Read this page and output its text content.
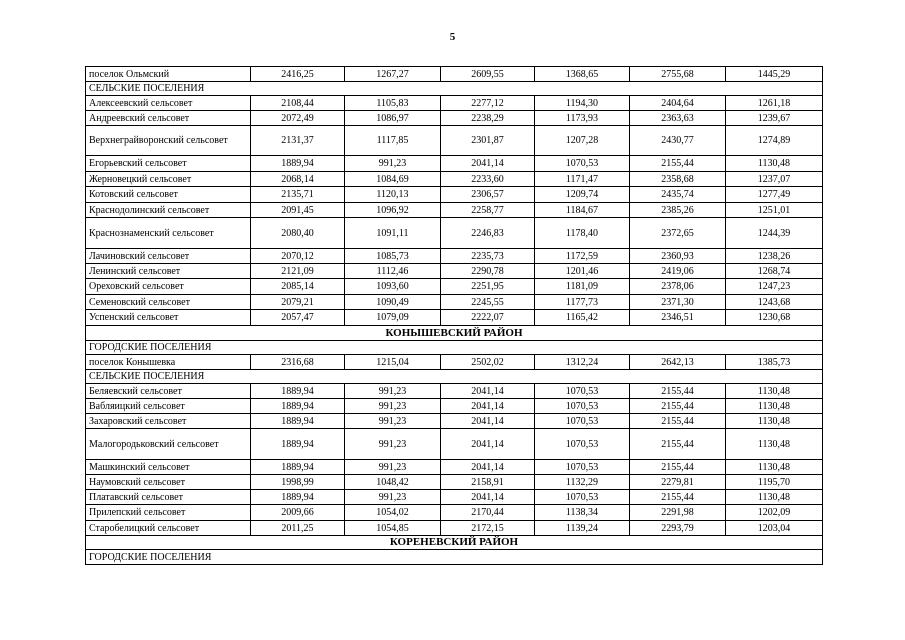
5
поселок Ольмский	2416,25	1267,27	2609,55	1368,65	2755,68	1445,29
СЕЛЬСКИЕ ПОСЕЛЕНИЯ						
Алексеевский сельсовет	2108,44	1105,83	2277,12	1194,30	2404,64	1261,18
Андреевский сельсовет	2072,49	1086,97	2238,29	1173,93	2363,63	1239,67
Верхнеграйворонский сельсовет	2131,37	1117,85	2301,87	1207,28	2430,77	1274,89
Егорьевский сельсовет	1889,94	991,23	2041,14	1070,53	2155,44	1130,48
Жерновецкий сельсовет	2068,14	1084,69	2233,60	1171,47	2358,68	1237,07
Котовский сельсовет	2135,71	1120,13	2306,57	1209,74	2435,74	1277,49
Краснодолинский сельсовет	2091,45	1096,92	2258,77	1184,67	2385,26	1251,01
Краснознаменский сельсовет	2080,40	1091,11	2246,83	1178,40	2372,65	1244,39
Лачиновский сельсовет	2070,12	1085,73	2235,73	1172,59	2360,93	1238,26
Ленинский сельсовет	2121,09	1112,46	2290,78	1201,46	2419,06	1268,74
Ореховский сельсовет	2085,14	1093,60	2251,95	1181,09	2378,06	1247,23
Семеновский сельсовет	2079,21	1090,49	2245,55	1177,73	2371,30	1243,68
Успенский сельсовет	2057,47	1079,09	2222,07	1165,42	2346,51	1230,68
КОНЫШЕВСКИЙ РАЙОН						
ГОРОДСКИЕ ПОСЕЛЕНИЯ						
поселок Конышевка	2316,68	1215,04	2502,02	1312,24	2642,13	1385,73
СЕЛЬСКИЕ ПОСЕЛЕНИЯ						
Беляевский сельсовет	1889,94	991,23	2041,14	1070,53	2155,44	1130,48
Вабляицкий сельсовет	1889,94	991,23	2041,14	1070,53	2155,44	1130,48
Захаровский сельсовет	1889,94	991,23	2041,14	1070,53	2155,44	1130,48
Малогородьковский сельсовет	1889,94	991,23	2041,14	1070,53	2155,44	1130,48
Машкинский сельсовет	1889,94	991,23	2041,14	1070,53	2155,44	1130,48
Наумовский сельсовет	1998,99	1048,42	2158,91	1132,29	2279,81	1195,70
Платавский сельсовет	1889,94	991,23	2041,14	1070,53	2155,44	1130,48
Прилепский сельсовет	2009,66	1054,02	2170,44	1138,34	2291,98	1202,09
Старобелицкий сельсовет	2011,25	1054,85	2172,15	1139,24	2293,79	1203,04
КОРЕНЕВСКИЙ РАЙОН						
ГОРОДСКИЕ ПОСЕЛЕНИЯ						
